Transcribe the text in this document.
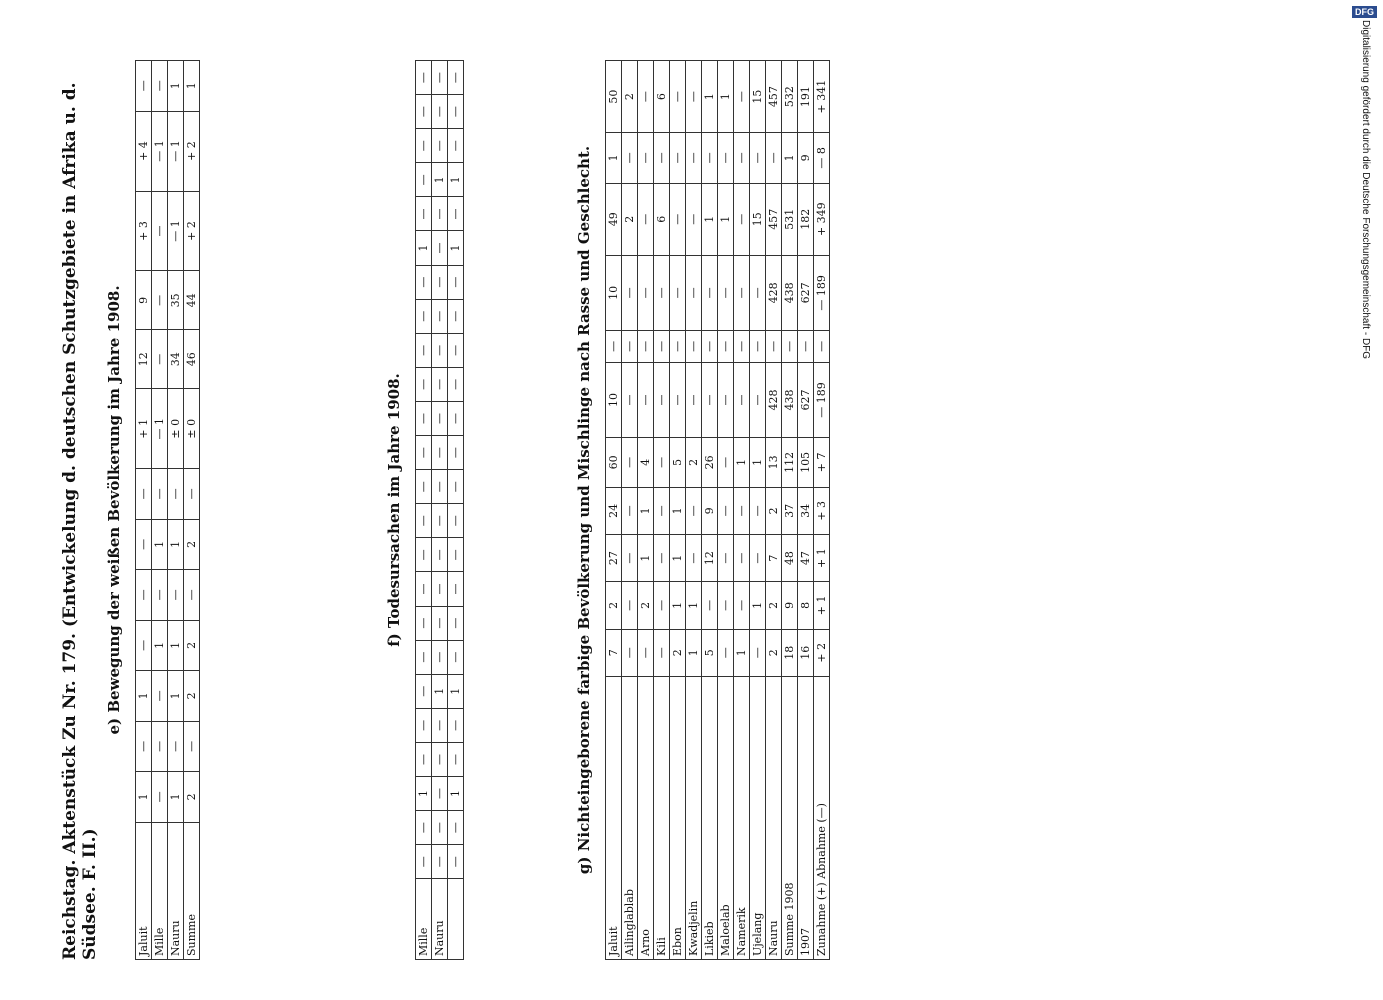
DFG
Digitalisierung gefördert durch die Deutsche Forschungsgemeinschaft - DFG
Reichstag. Aktenstück Zu Nr. 179. (Entwickelung d. deutschen Schutzgebiete in Afrika u. d. Südsee. F. II.)
e) Bewegung der weißen Bevölkerung im Jahre 1908.
Jaluit	1	—	1	—	—	—	—	+ 1	12	9	+ 3	+ 4	—
Mille	—	—	—	1	—	1	—	— 1	—	—	—	— 1	—
Nauru	1	—	1	1	—	1	—	± 0	34	35	— 1	— 1	1
Summe	2	—	2	2	—	2	—	± 0	46	44	+ 2	+ 2	1
f) Todesursachen im Jahre 1908.
Mille	—	—	1	—	—	—	—	—	—	—	—	—	—	—	—	—	—	—	1	—	—	—	—	—
Nauru	—	—	—	—	—	1	—	—	—	—	—	—	—	—	—	—	—	—	—	—	1	—	—	—
	—	—	1	—	—	1	—	—	—	—	—	—	—	—	—	—	—	—	1	—	1	—	—	—
g) Nichteingeborene farbige Bevölkerung und Mischlinge nach Rasse und Geschlecht.
Jaluit	7	2	27	24	60	10	—	10	49	1	50
Ailinglablab	—	—	—	—	—	—	—	—	2	—	2
Arno	—	2	1	1	4	—	—	—	—	—	—
Kili	—	—	—	—	—	—	—	—	6	—	6
Ebon	2	1	1	1	5	—	—	—	—	—	—
Kwadjelin	1	1	—	—	2	—	—	—	—	—	—
Likieb	5	—	12	9	26	—	—	—	1	—	1
Maloelab	—	—	—	—	—	—	—	—	1	—	1
Namerik	1	—	—	—	1	—	—	—	—	—	—
Ujelang	—	1	—	—	1	—	—	—	15	—	15
Nauru	2	2	7	2	13	428	—	428	457	—	457
Summe 1908	18	9	48	37	112	438	—	438	531	1	532
1907	16	8	47	34	105	627	—	627	182	9	191
Zunahme (+) Abnahme (—)	+ 2	+ 1	+ 1	+ 3	+ 7	— 189	—	— 189	+ 349	— 8	+ 341
